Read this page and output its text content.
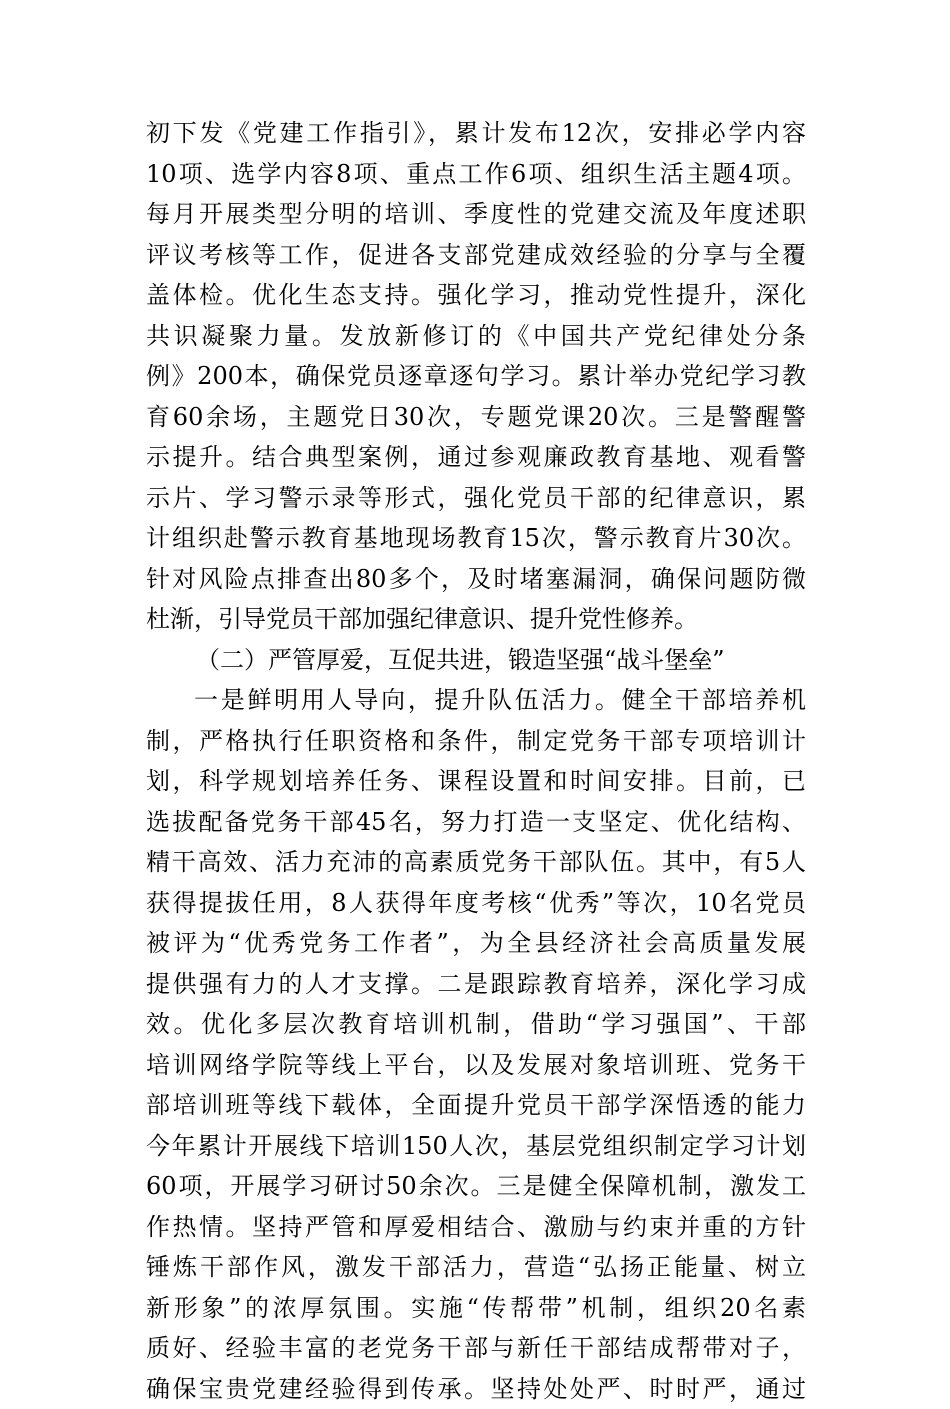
初下发《党建工作指引》，累计发布12次，安排必学内容
10项、选学内容8项、重点工作6项、组织生活主题4项。
每月开展类型分明的培训、季度性的党建交流及年度述职
评议考核等工作，促进各支部党建成效经验的分享与全覆
盖体检。优化生态支持。强化学习，推动党性提升，深化
共识凝聚力量。发放新修订的《中国共产党纪律处分条
例》200本，确保党员逐章逐句学习。累计举办党纪学习教
育60余场，主题党日30次，专题党课20次。三是警醒警
示提升。结合典型案例，通过参观廉政教育基地、观看警
示片、学习警示录等形式，强化党员干部的纪律意识，累
计组织赴警示教育基地现场教育15次，警示教育片30次。
针对风险点排查出80多个，及时堵塞漏洞，确保问题防微
杜渐，引导党员干部加强纪律意识、提升党性修养。
（二）严管厚爱，互促共进，锻造坚强“战斗堡垒”
一是鲜明用人导向，提升队伍活力。健全干部培养机
制，严格执行任职资格和条件，制定党务干部专项培训计
划，科学规划培养任务、课程设置和时间安排。目前，已
选拔配备党务干部45名，努力打造一支坚定、优化结构、
精干高效、活力充沛的高素质党务干部队伍。其中，有5人
获得提拔任用，8人获得年度考核“优秀”等次，10名党员
被评为“优秀党务工作者”，为全县经济社会高质量发展
提供强有力的人才支撑。二是跟踪教育培养，深化学习成
效。优化多层次教育培训机制，借助“学习强国”、干部
培训网络学院等线上平台，以及发展对象培训班、党务干
部培训班等线下载体，全面提升党员干部学深悟透的能力
今年累计开展线下培训150人次，基层党组织制定学习计划
60项，开展学习研讨50余次。三是健全保障机制，激发工
作热情。坚持严管和厚爱相结合、激励与约束并重的方针
锤炼干部作风，激发干部活力，营造“弘扬正能量、树立
新形象”的浓厚氛围。实施“传帮带”机制，组织20名素
质好、经验丰富的老党务干部与新任干部结成帮带对子，
确保宝贵党建经验得到传承。坚持处处严、时时严，通过
